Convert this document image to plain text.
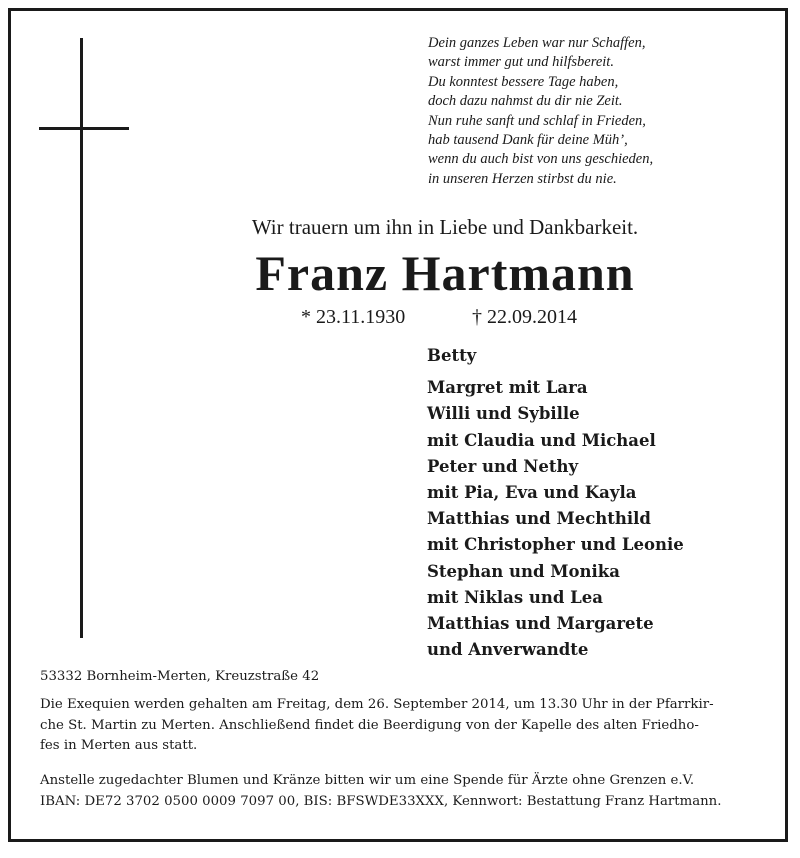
Dein ganzes Leben war nur Schaffen,
warst immer gut und hilfsbereit.
Du konntest bessere Tage haben,
doch dazu nahmst du dir nie Zeit.
Nun ruhe sanft und schlaf in Frieden,
hab tausend Dank für deine Müh’,
wenn du auch bist von uns geschieden,
in unseren Herzen stirbst du nie.
Wir trauern um ihn in Liebe und Dankbarkeit.
Franz Hartmann
* 23.11.1930	† 22.09.2014
Betty
Margret mit Lara
Willi und Sybille
mit Claudia und Michael
Peter und Nethy
mit Pia, Eva und Kayla
Matthias und Mechthild
mit Christopher und Leonie
Stephan und Monika
mit Niklas und Lea
Matthias und Margarete
und Anverwandte
53332 Bornheim-Merten, Kreuzstraße 42
Die Exequien werden gehalten am Freitag, dem 26. September 2014, um 13.30 Uhr in der Pfarrkir-
che St. Martin zu Merten. Anschließend findet die Beerdigung von der Kapelle des alten Friedho-
fes in Merten aus statt.
Anstelle zugedachter Blumen und Kränze bitten wir um eine Spende für Ärzte ohne Grenzen e.V.
IBAN: DE72 3702 0500 0009 7097 00, BIS: BFSWDE33XXX, Kennwort: Bestattung Franz Hartmann.
